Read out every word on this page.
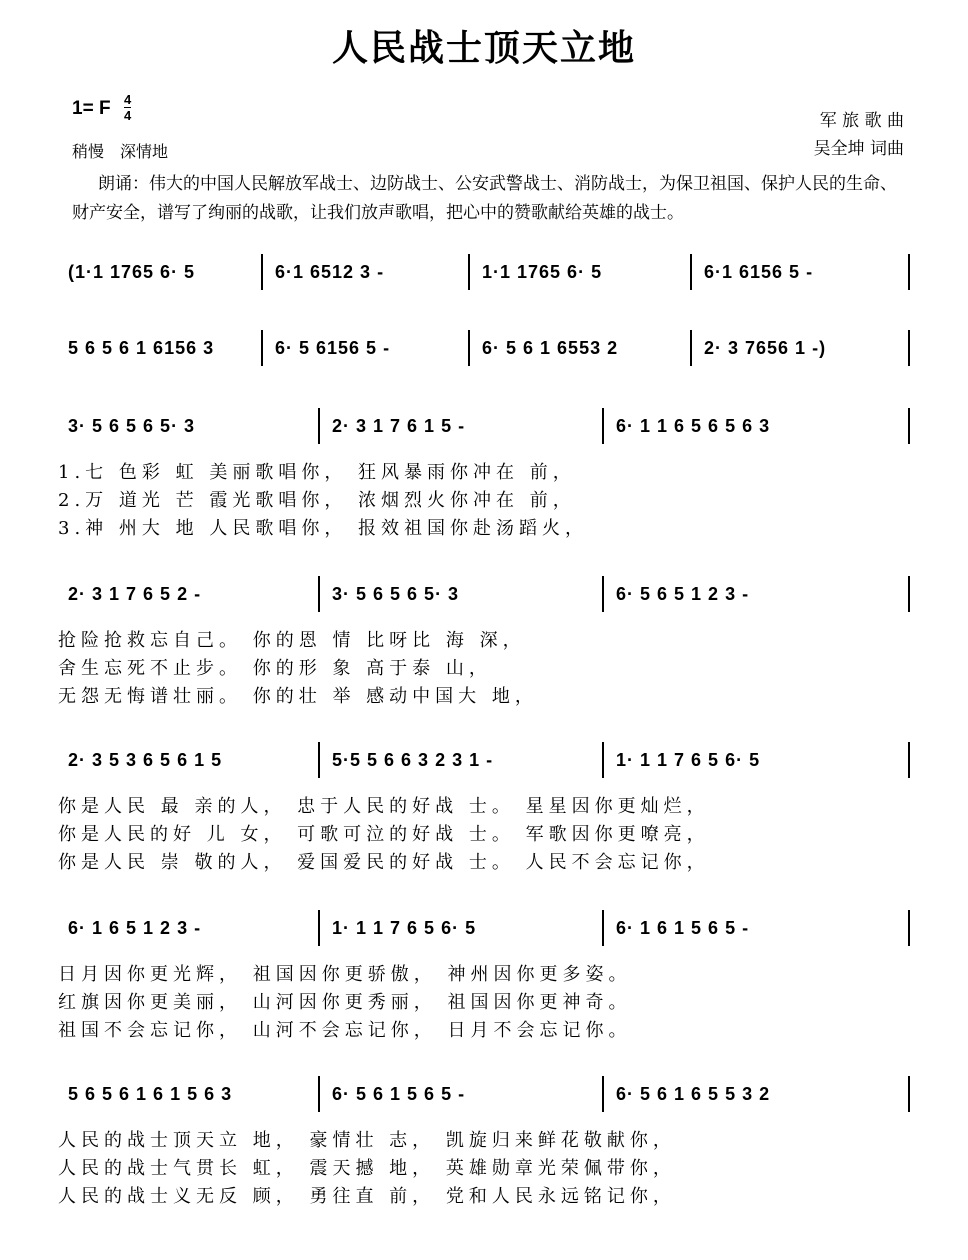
人民战士顶天立地
1= F 4
4
稍慢　深情地
军 旅 歌 曲
吴全坤 词曲
朗诵：伟大的中国人民解放军战士、边防战士、公安武警战士、消防战士，为保卫祖国、保护人民的生命、财产安全，谱写了绚丽的战歌，让我们放声歌唱，把心中的赞歌献给英雄的战士。
(1·1 1765 6· 5	6·1 6512 3 -	1·1 1765 6· 5	6·1 6156 5 -
5 6 5 6 1 6156 3	6· 5 6156 5 -	6· 5 6 1 6553 2	2· 3 7656 1 -)
3· 5 6 5 6 5· 3	2· 3 1 7 6 1 5 -	6· 1 1 6 5 6 5 6 3
1.七 色彩 虹 美丽歌唱你， 狂风暴雨你冲在 前，
2.万 道光 芒 霞光歌唱你， 浓烟烈火你冲在 前，
3.神 州大 地 人民歌唱你， 报效祖国你赴汤蹈火，
2· 3 1 7 6 5 2 -	3· 5 6 5 6 5· 3	6· 5 6 5 1 2 3 -
抢险抢救忘自己。 你的恩 情 比呀比 海 深，
舍生忘死不止步。 你的形 象 高于泰 山，
无怨无悔谱壮丽。 你的壮 举 感动中国大 地，
2· 3 5 3 6 5 6 1 5	5·5 5 6 6 3 2 3 1 -	1· 1 1 7 6 5 6· 5
你是人民 最 亲的人， 忠于人民的好战 士。 星星因你更灿烂，
你是人民的好 儿 女， 可歌可泣的好战 士。 军歌因你更嘹亮，
你是人民 崇 敬的人， 爱国爱民的好战 士。 人民不会忘记你，
6· 1 6 5 1 2 3 -	1· 1 1 7 6 5 6· 5	6· 1 6 1 5 6 5 -
日月因你更光辉， 祖国因你更骄傲， 神州因你更多姿。
红旗因你更美丽， 山河因你更秀丽， 祖国因你更神奇。
祖国不会忘记你， 山河不会忘记你， 日月不会忘记你。
5 6 5 6 1 6 1 5 6 3	6· 5 6 1 5 6 5 -	6· 5 6 1 6 5 5 3 2
人民的战士顶天立 地， 豪情壮 志， 凯旋归来鲜花敬献你，
人民的战士气贯长 虹， 震天撼 地， 英雄勋章光荣佩带你，
人民的战士义无反 顾， 勇往直 前， 党和人民永远铭记你，
